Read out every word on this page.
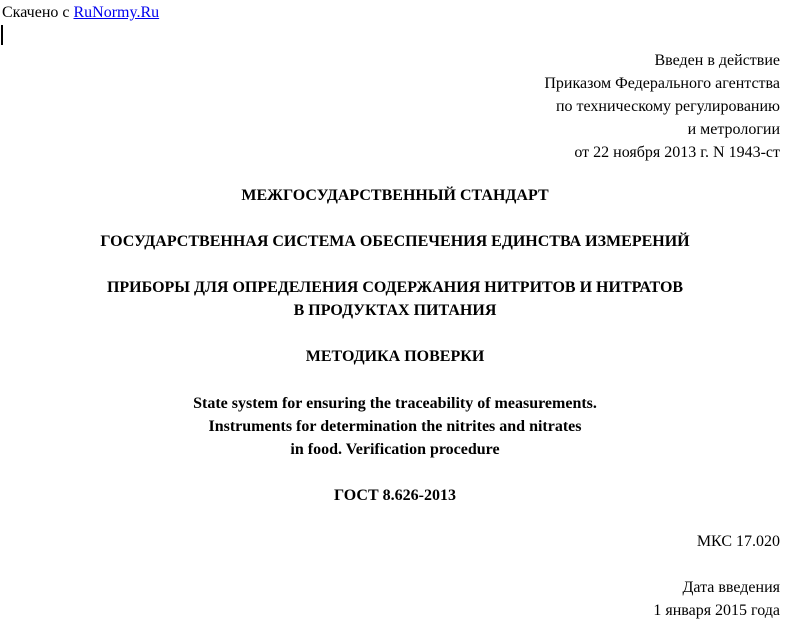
Скачено с RuNormy.Ru
Введен в действие
Приказом Федерального агентства
по техническому регулированию
и метрологии
от 22 ноября 2013 г. N 1943-ст
МЕЖГОСУДАРСТВЕННЫЙ СТАНДАРТ
ГОСУДАРСТВЕННАЯ СИСТЕМА ОБЕСПЕЧЕНИЯ ЕДИНСТВА ИЗМЕРЕНИЙ
ПРИБОРЫ ДЛЯ ОПРЕДЕЛЕНИЯ СОДЕРЖАНИЯ НИТРИТОВ И НИТРАТОВ
В ПРОДУКТАХ ПИТАНИЯ
МЕТОДИКА ПОВЕРКИ
State system for ensuring the traceability of measurements.
Instruments for determination the nitrites and nitrates
in food. Verification procedure
ГОСТ 8.626-2013
МКС 17.020
Дата введения
1 января 2015 года
